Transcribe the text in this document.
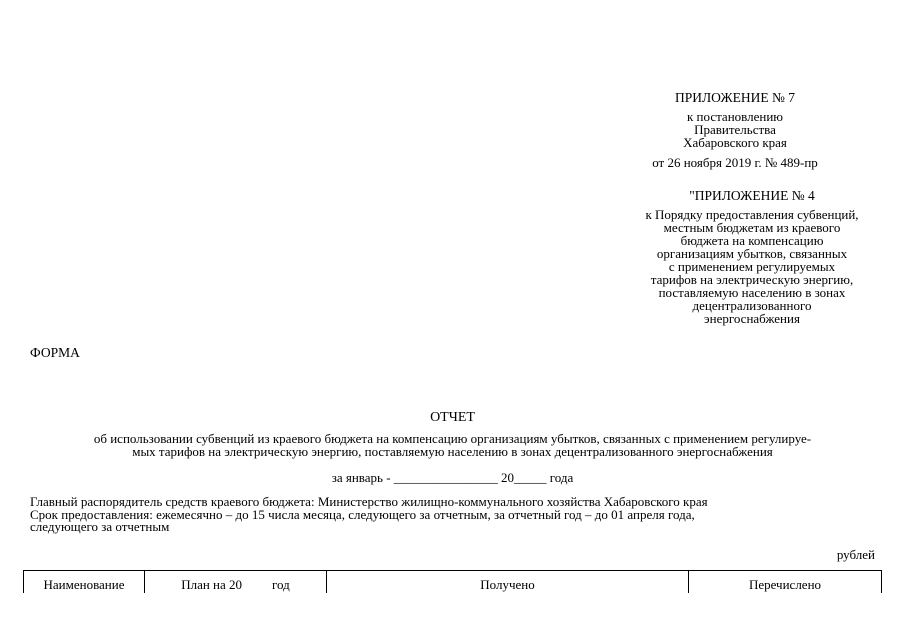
ПРИЛОЖЕНИЕ № 7
к постановлению
Правительства
Хабаровского края
от 26 ноября 2019 г. № 489-пр
"ПРИЛОЖЕНИЕ № 4
к Порядку предоставления субвенций,
местным бюджетам из краевого
бюджета на компенсацию
организациям убытков, связанных
с применением регулируемых
тарифов на электрическую энергию,
поставляемую населению в зонах
децентрализованного
энергоснабжения
ФОРМА
ОТЧЕТ
об использовании субвенций из краевого бюджета на компенсацию организациям убытков, связанных с применением регулируе-
мых тарифов на электрическую энергию, поставляемую населению в зонах децентрализованного энергоснабжения
за январь - ________________ 20_____ года
Главный распорядитель средств краевого бюджета: Министерство жилищно-коммунального хозяйства Хабаровского края
Срок предоставления: ежемесячно – до 15 числа месяца, следующего за отчетным, за отчетный год – до 01 апреля года,
следующего за отчетным
рублей
Наименование	План на 20 год	Получено	Перечислено
